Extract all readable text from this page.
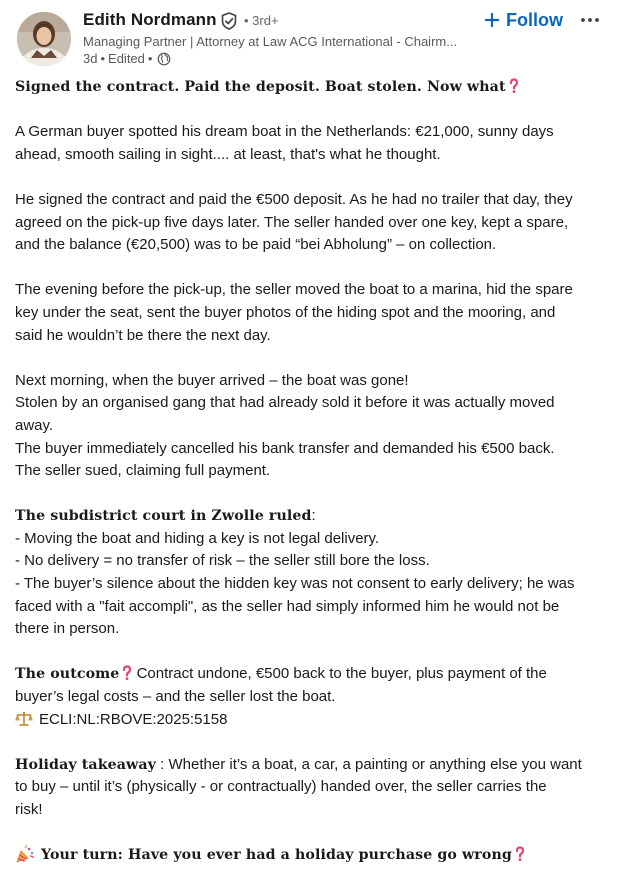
Edith Nordmann • 3rd+
Managing Partner | Attorney at Law ACG International - Chairm...
3d • Edited •
Follow

Signed the contract. Paid the deposit. Boat stolen. Now what

A German buyer spotted his dream boat in the Netherlands: €21,000, sunny days
ahead, smooth sailing in sight.... at least, that's what he thought.

He signed the contract and paid the €500 deposit. As he had no trailer that day, they
agreed on the pick-up five days later. The seller handed over one key, kept a spare,
and the balance (€20,500) was to be paid “bei Abholung” – on collection.

The evening before the pick-up, the seller moved the boat to a marina, hid the spare
key under the seat, sent the buyer photos of the hiding spot and the mooring, and
said he wouldn’t be there the next day.

Next morning, when the buyer arrived – the boat was gone!
Stolen by an organised gang that had already sold it before it was actually moved
away.
The buyer immediately cancelled his bank transfer and demanded his €500 back.
The seller sued, claiming full payment.

The subdistrict court in Zwolle ruled:
- Moving the boat and hiding a key is not legal delivery.
- No delivery = no transfer of risk – the seller still bore the loss.
- The buyer’s silence about the hidden key was not consent to early delivery; he was
faced with a "fait accompli", as the seller had simply informed him he would not be
there in person.

The outcome Contract undone, €500 back to the buyer, plus payment of the
buyer’s legal costs – and the seller lost the boat.
ECLI:NL:RBOVE:2025:5158

Holiday takeaway : Whether it’s a boat, a car, a painting or anything else you want
to buy – until it’s (physically - or contractually) handed over, the seller carries the
risk!

Your turn: Have you ever had a holiday purchase go wrong
